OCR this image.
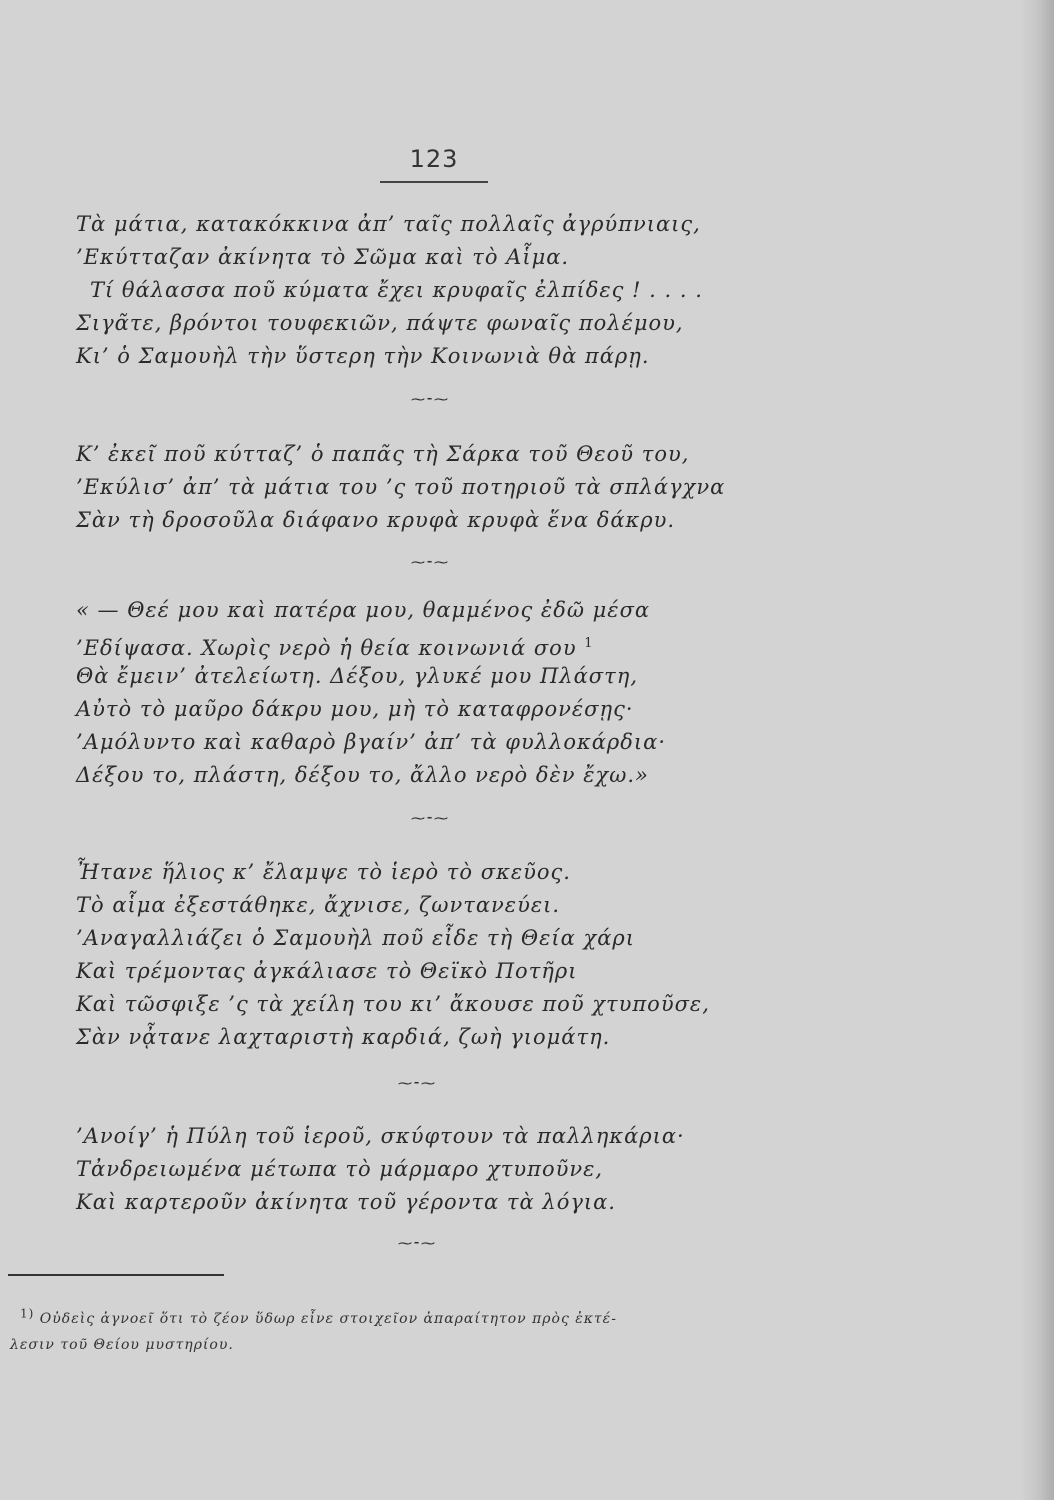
123
Τὰ μάτια, κατακόκκινα ἀπ’ ταῖς πολλαῖς ἀγρύπνιαις,
’Εκύτταζαν ἀκίνητα τὸ Σῶμα καὶ τὸ Αἷμα.
Τί θάλασσα ποῦ κύματα ἔχει κρυφαῖς ἐλπίδες ! . . . .
Σιγᾶτε, βρόντοι τουφεκιῶν, πάψτε φωναῖς πολέμου,
Κι’ ὁ Σαμουὴλ τὴν ὕστερη τὴν Κοινωνιὰ θὰ πάρῃ.
⁓⁃⁓
Κ’ ἐκεῖ ποῦ κύτταζ’ ὁ παπᾶς τὴ Σάρκα τοῦ Θεοῦ του,
’Εκύλισ’ ἀπ’ τὰ μάτια του ’ς τοῦ ποτηριοῦ τὰ σπλάγχνα
Σὰν τὴ δροσοῦλα διάφανο κρυφὰ κρυφὰ ἕνα δάκρυ.
⁓⁃⁓
« — Θεέ μου καὶ πατέρα μου, θαμμένος ἐδῶ μέσα
’Εδίψασα. Χωρὶς νερὸ ἡ θεία κοινωνιά σου $^1$
Θὰ ἔμειν’ ἀτελείωτη. Δέξου, γλυκέ μου Πλάστη,
Αὐτὸ τὸ μαῦρο δάκρυ μου, μὴ τὸ καταφρονέσῃς·
’Αμόλυντο καὶ καθαρὸ βγαίν’ ἀπ’ τὰ φυλλοκάρδια·
Δέξου το, πλάστη, δέξου το, ἄλλο νερὸ δὲν ἔχω.»
⁓⁃⁓
Ἦτανε ἥλιος κ’ ἔλαμψε τὸ ἱερὸ τὸ σκεῦος.
Τὸ αἷμα ἐξεστάθηκε, ἄχνισε, ζωντανεύει.
’Αναγαλλιάζει ὁ Σαμουὴλ ποῦ εἶδε τὴ Θεία χάρι
Καὶ τρέμοντας ἀγκάλιασε τὸ Θεϊκὸ Ποτῆρι
Καὶ τῶσφιξε ’ς τὰ χείλη του κι’ ἄκουσε ποῦ χτυποῦσε,
Σὰν νᾆτανε λαχταριστὴ καρδιά, ζωὴ γιομάτη.
⁓⁃⁓
’Ανοίγ’ ἡ Πύλη τοῦ ἱεροῦ, σκύφτουν τὰ παλληκάρια·
Τἀνδρειωμένα μέτωπα τὸ μάρμαρο χτυποῦνε,
Καὶ καρτεροῦν ἀκίνητα τοῦ γέροντα τὰ λόγια.
⁓⁃⁓
1) Οὐδεὶς ἀγνοεῖ ὅτι τὸ ζέον ὕδωρ εἶνε στοιχεῖον ἀπαραίτητον πρὸς ἐκτέ-
λεσιν τοῦ Θείου μυστηρίου.
